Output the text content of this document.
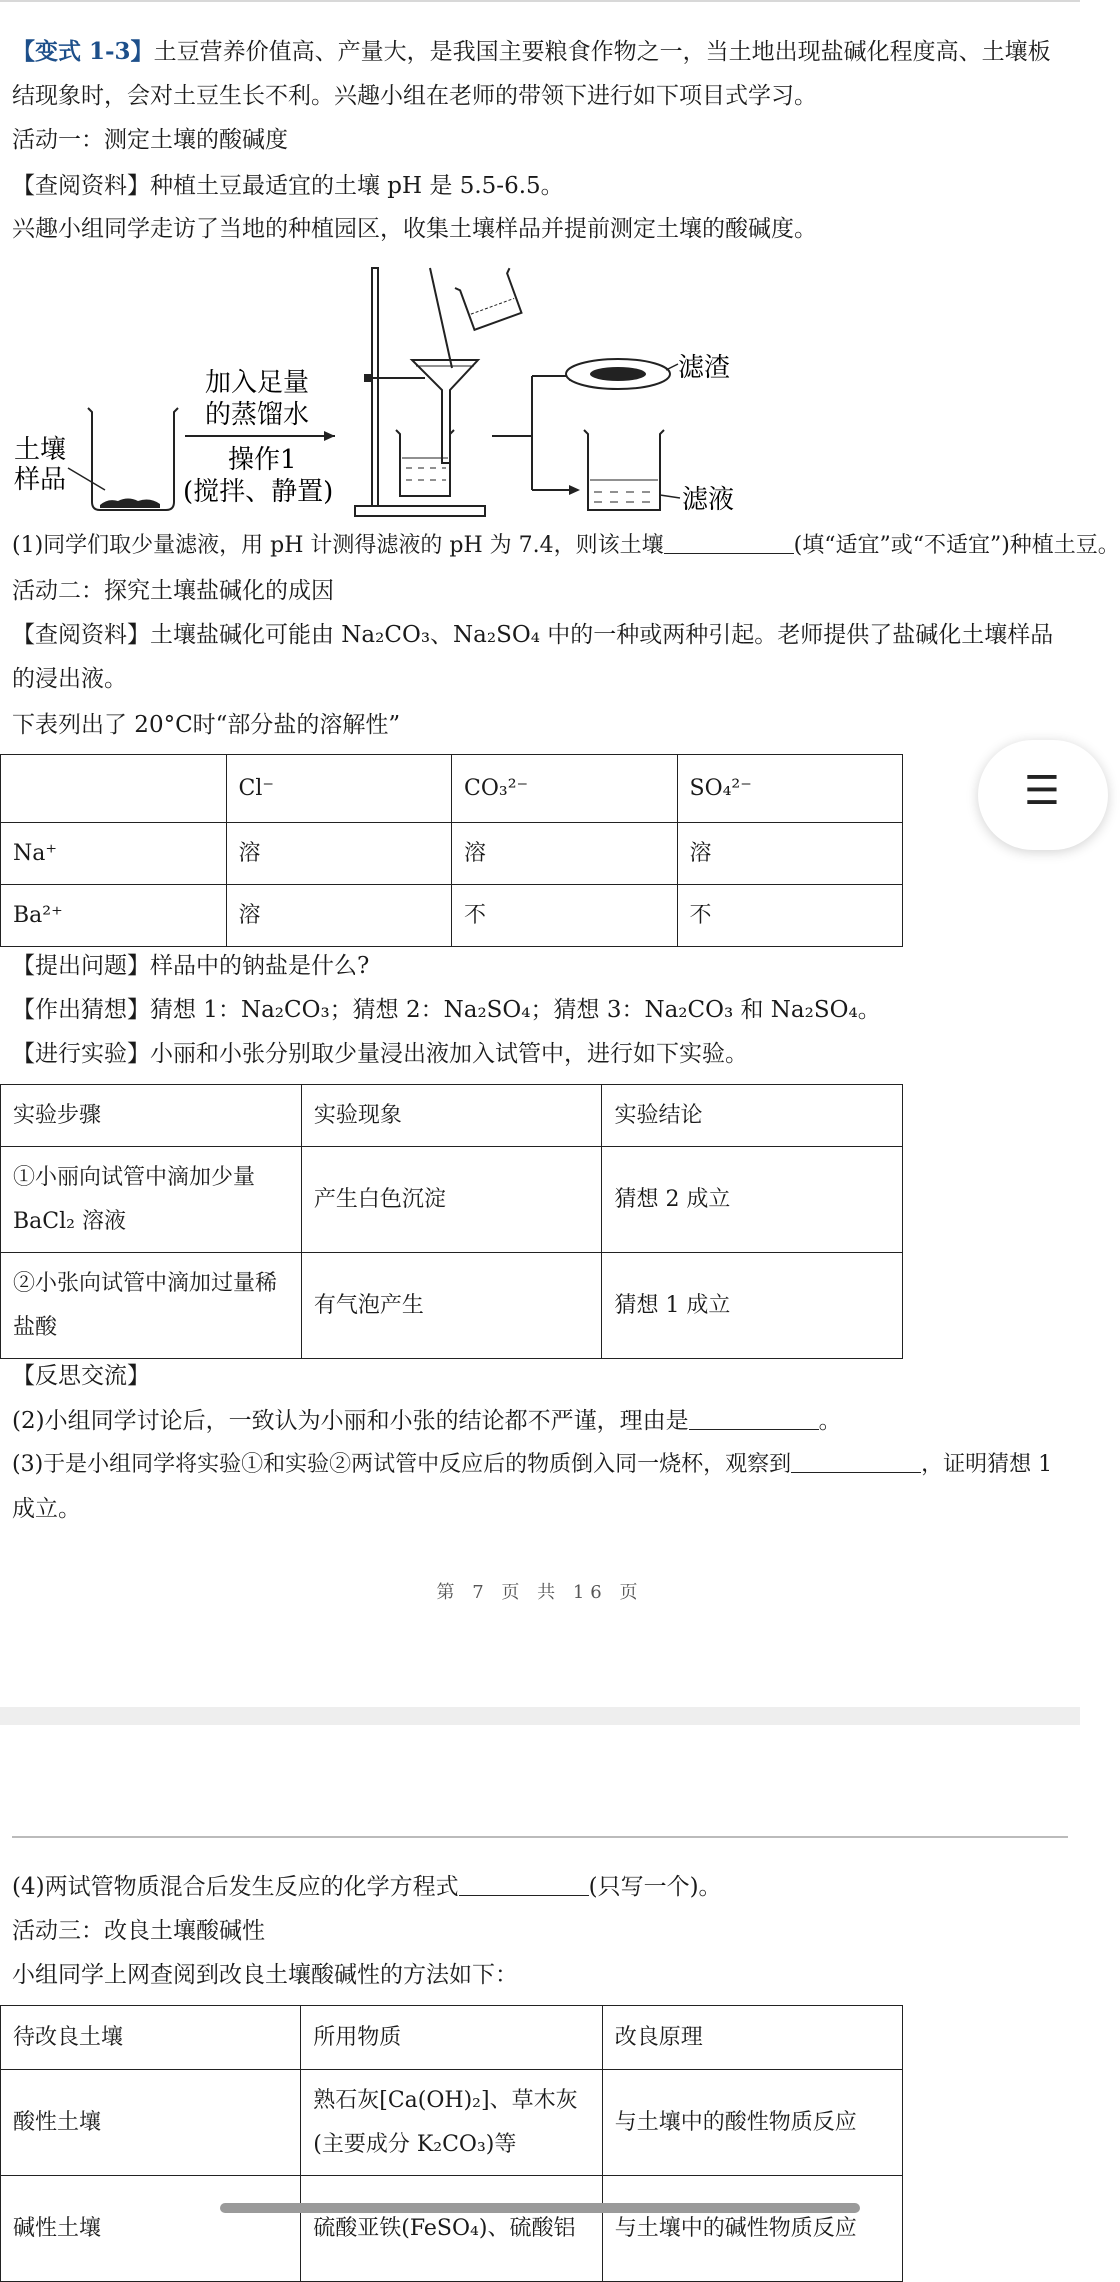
【变式 1-3】土豆营养价值高、产量大，是我国主要粮食作物之一，当土地出现盐碱化程度高、土壤板结现象时，会对土豆生长不利。兴趣小组在老师的带领下进行如下项目式学习。
活动一：测定土壤的酸碱度
【查阅资料】种植土豆最适宜的土壤 pH 是 5.5-6.5。
兴趣小组同学走访了当地的种植园区，收集土壤样品并提前测定土壤的酸碱度。
土壤
样品
加入足量
的蒸馏水
操作1
(搅拌、静置)
滤渣
滤液
(1)同学们取少量滤液，用 pH 计测得滤液的 pH 为 7.4，则该土壤	(填“适宜”或“不适宜”)种植土豆。
活动二：探究土壤盐碱化的成因
【查阅资料】土壤盐碱化可能由 Na₂CO₃、Na₂SO₄ 中的一种或两种引起。老师提供了盐碱化土壤样品的浸出液。
下表列出了 20°C时“部分盐的溶解性”
	Cl⁻	CO₃²⁻	SO₄²⁻
Na⁺	溶	溶	溶
Ba²⁺	溶	不	不
【提出问题】样品中的钠盐是什么?
【作出猜想】猜想 1：Na₂CO₃；猜想 2：Na₂SO₄；猜想 3：Na₂CO₃ 和 Na₂SO₄。
【进行实验】小丽和小张分别取少量浸出液加入试管中，进行如下实验。
实验步骤	实验现象	实验结论
①小丽向试管中滴加少量 BaCl₂ 溶液	产生白色沉淀	猜想 2 成立
②小张向试管中滴加过量稀盐酸	有气泡产生	猜想 1 成立
【反思交流】
(2)小组同学讨论后，一致认为小丽和小张的结论都不严谨，理由是	。
(3)于是小组同学将实验①和实验②两试管中反应后的物质倒入同一烧杯，观察到	，证明猜想 1
成立。
第 7 页 共 16 页
(4)两试管物质混合后发生反应的化学方程式	(只写一个)。
活动三：改良土壤酸碱性
小组同学上网查阅到改良土壤酸碱性的方法如下：
待改良土壤	所用物质	改良原理
酸性土壤	熟石灰[Ca(OH)₂]、草木灰(主要成分 K₂CO₃)等	与土壤中的酸性物质反应
碱性土壤	硫酸亚铁(FeSO₄)、硫酸铝	与土壤中的碱性物质反应
☰
